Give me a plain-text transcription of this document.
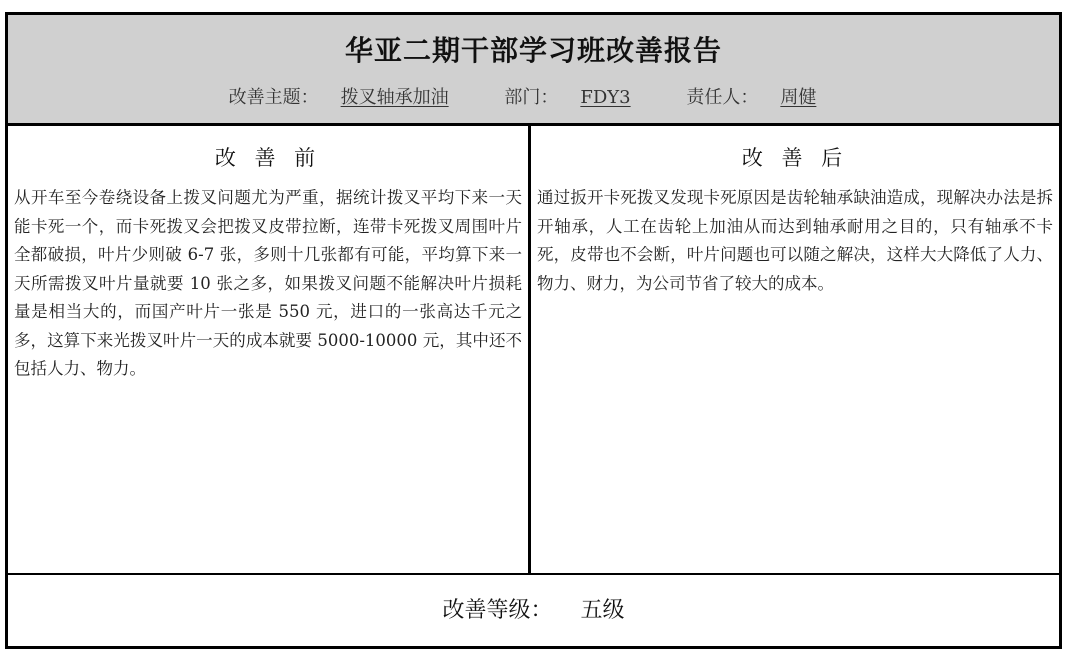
华亚二期干部学习班改善报告
改善主题： 拨叉轴承加油	部门： FDY3	责任人： 周健
改 善 前
从开车至今卷绕设备上拨叉问题尤为严重，据统计拨叉平均下来一天能卡死一个，而卡死拨叉会把拨叉皮带拉断，连带卡死拨叉周围叶片全都破损，叶片少则破 6-7 张，多则十几张都有可能，平均算下来一天所需拨叉叶片量就要 10 张之多，如果拨叉问题不能解决叶片损耗量是相当大的，而国产叶片一张是 550 元，进口的一张高达千元之多，这算下来光拨叉叶片一天的成本就要 5000-10000 元，其中还不包括人力、物力。
改 善 后
通过扳开卡死拨叉发现卡死原因是齿轮轴承缺油造成，现解决办法是拆开轴承，人工在齿轮上加油从而达到轴承耐用之目的，只有轴承不卡死，皮带也不会断，叶片问题也可以随之解决，这样大大降低了人力、物力、财力，为公司节省了较大的成本。
改善等级： 五级
